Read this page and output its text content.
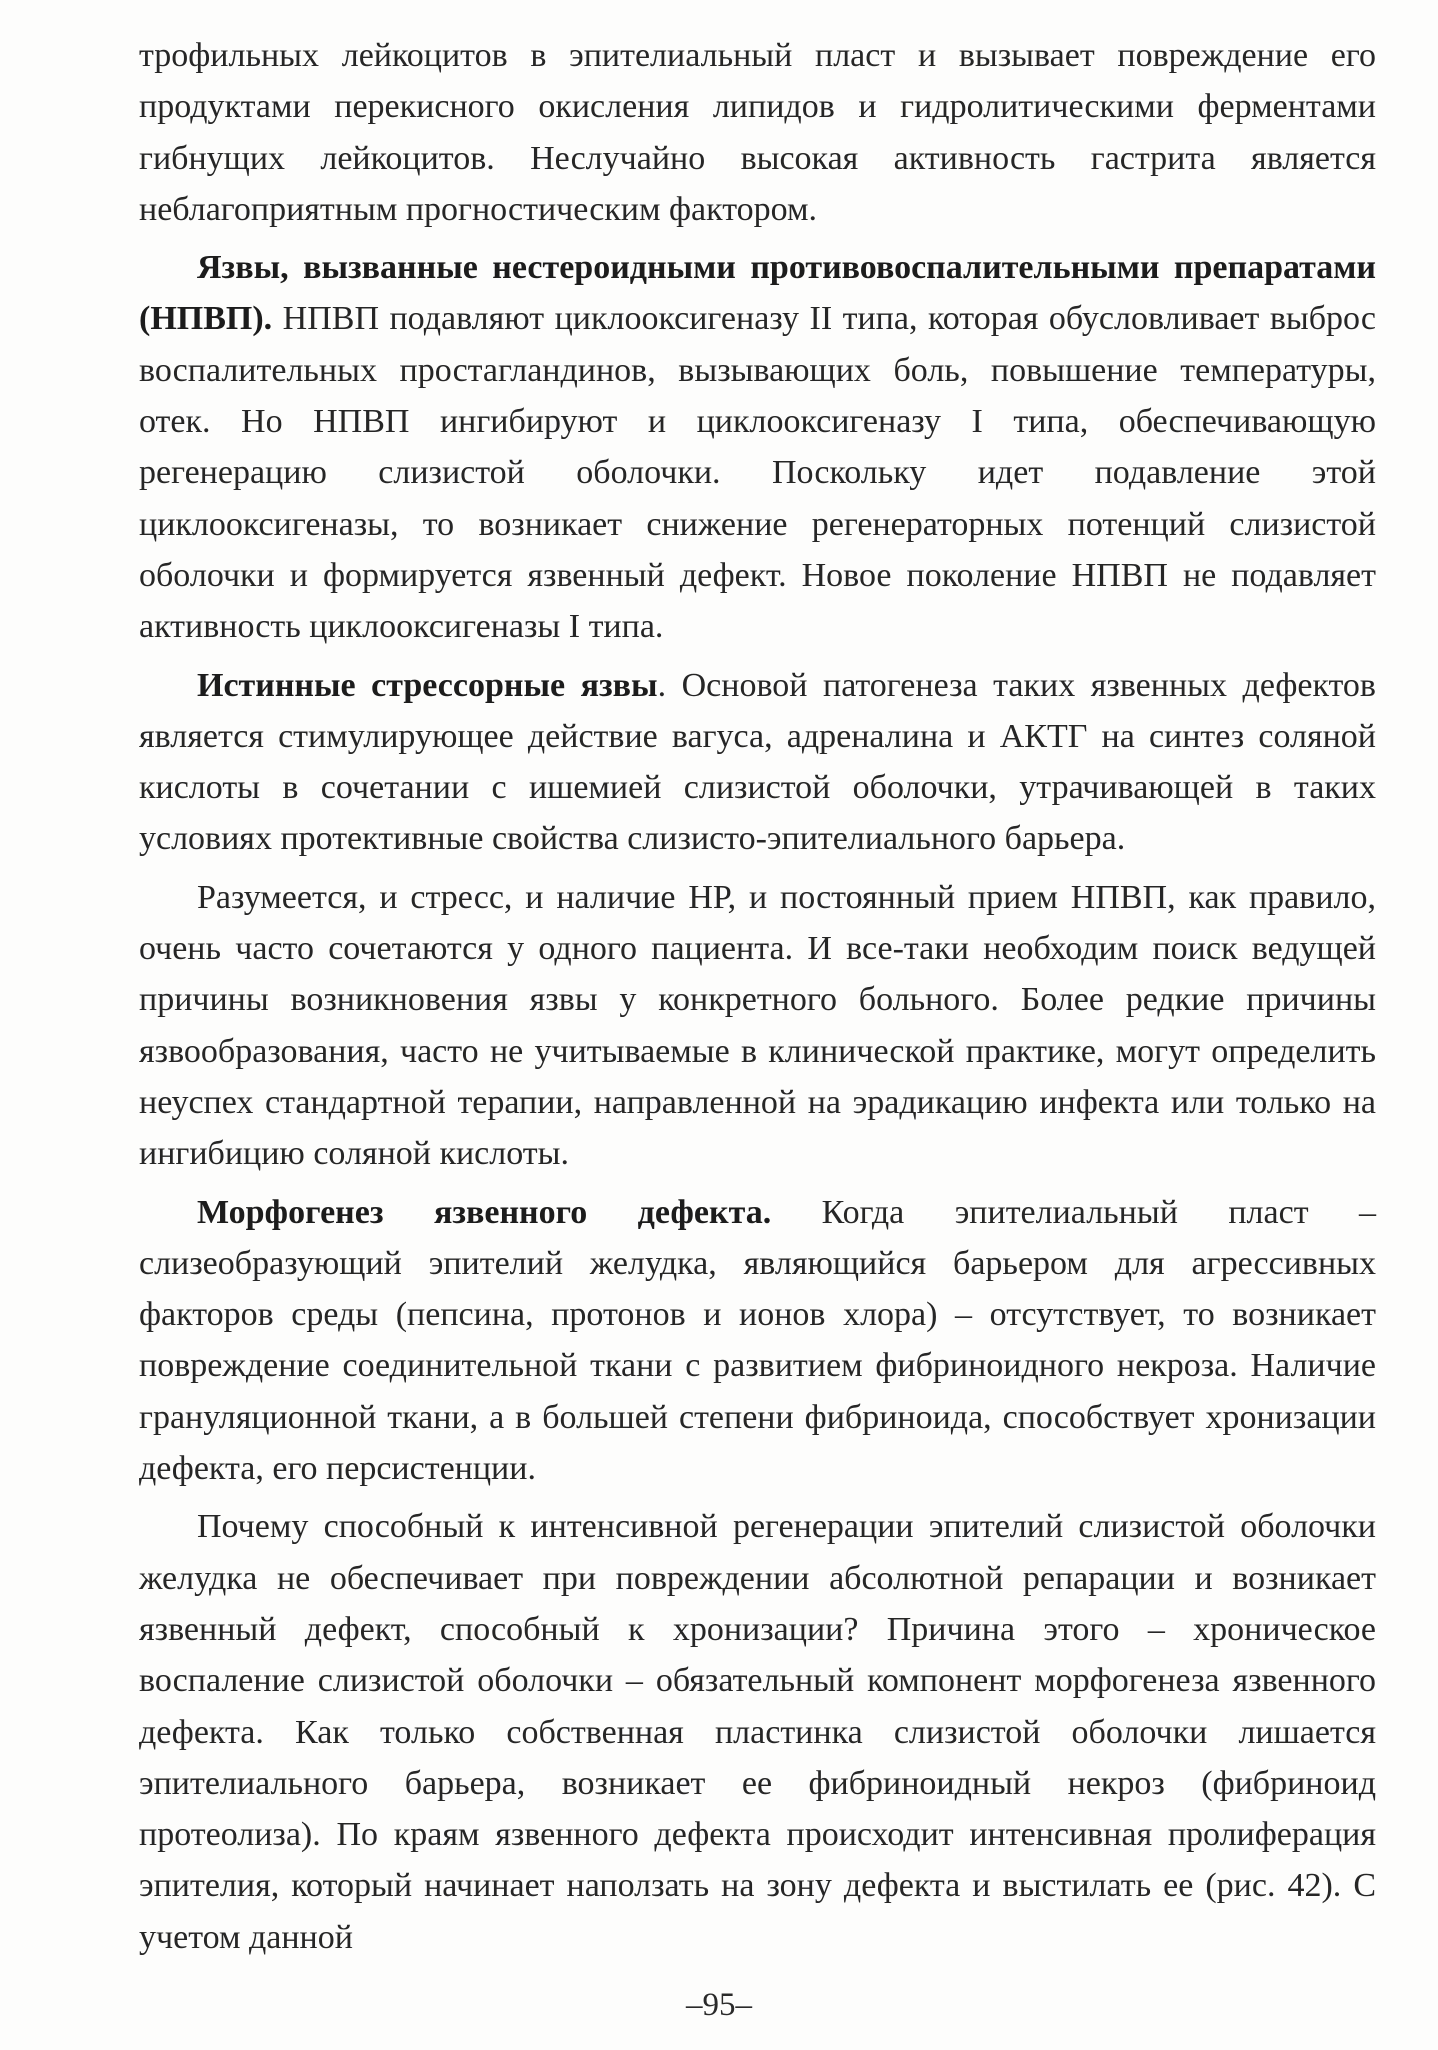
трофильных лейкоцитов в эпителиальный пласт и вызывает повреждение его продуктами перекисного окисления липидов и гидролитическими ферментами гибнущих лейкоцитов. Неслучайно высокая активность гастрита является неблагоприятным прогностическим фактором.

Язвы, вызванные нестероидными противовоспалительными препаратами (НПВП). НПВП подавляют циклооксигеназу II типа, которая обусловливает выброс воспалительных простагландинов, вызывающих боль, повышение температуры, отек. Но НПВП ингибируют и циклооксигеназу I типа, обеспечивающую регенерацию слизистой оболочки. Поскольку идет подавление этой циклооксигеназы, то возникает снижение регенераторных потенций слизистой оболочки и формируется язвенный дефект. Новое поколение НПВП не подавляет активность циклооксигеназы I типа.

Истинные стрессорные язвы. Основой патогенеза таких язвенных дефектов является стимулирующее действие вагуса, адреналина и АКТГ на синтез соляной кислоты в сочетании с ишемией слизистой оболочки, утрачивающей в таких условиях протективные свойства слизисто-эпителиального барьера.

Разумеется, и стресс, и наличие НР, и постоянный прием НПВП, как правило, очень часто сочетаются у одного пациента. И все-таки необходим поиск ведущей причины возникновения язвы у конкретного больного. Более редкие причины язвообразования, часто не учитываемые в клинической практике, могут определить неуспех стандартной терапии, направленной на эрадикацию инфекта или только на ингибицию соляной кислоты.

Морфогенез язвенного дефекта. Когда эпителиальный пласт – слизеобразующий эпителий желудка, являющийся барьером для агрессивных факторов среды (пепсина, протонов и ионов хлора) – отсутствует, то возникает повреждение соединительной ткани с развитием фибриноидного некроза. Наличие грануляционной ткани, а в большей степени фибриноида, способствует хронизации дефекта, его персистенции.

Почему способный к интенсивной регенерации эпителий слизистой оболочки желудка не обеспечивает при повреждении абсолютной репарации и возникает язвенный дефект, способный к хронизации? Причина этого – хроническое воспаление слизистой оболочки – обязательный компонент морфогенеза язвенного дефекта. Как только собственная пластинка слизистой оболочки лишается эпителиального барьера, возникает ее фибриноидный некроз (фибриноид протеолиза). По краям язвенного дефекта происходит интенсивная пролиферация эпителия, который начинает наползать на зону дефекта и выстилать ее (рис. 42). С учетом данной

–95–
